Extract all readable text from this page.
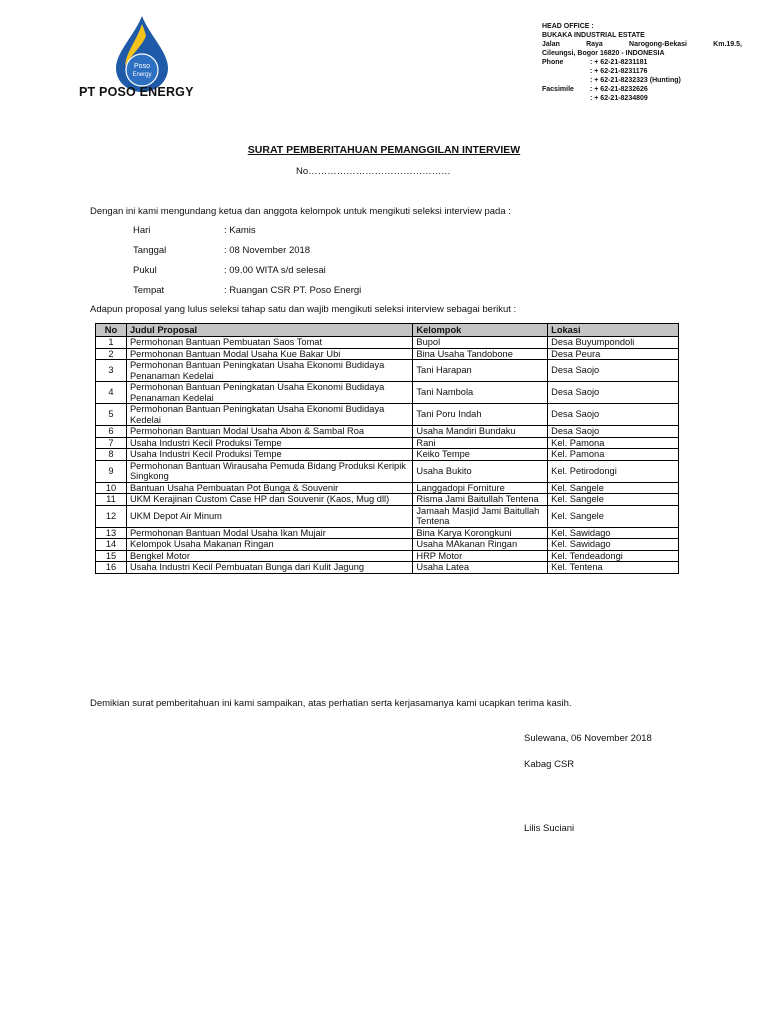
Poso
Energy
PT POSO ENERGY
HEAD OFFICE :
BUKAKA INDUSTRIAL ESTATE
Jalan	Raya	Narogong-Bekasi	Km.19.5,
Cileungsi, Bogor 16820 - INDONESIA
Phone	: + 62-21-8231181
: + 62-21-8231176
: + 62-21-8232323 (Hunting)
Facsimile	: + 62-21-8232626
: + 62-21-8234809
SURAT PEMBERITAHUAN PEMANGGILAN INTERVIEW
No………………………………………
Dengan ini kami mengundang ketua dan anggota kelompok untuk mengikuti seleksi interview pada :
Hari	: Kamis
Tanggal	: 08 November 2018
Pukul	: 09.00 WITA s/d selesai
Tempat	: Ruangan CSR PT. Poso Energi
Adapun proposal yang lulus seleksi tahap satu dan wajib mengikuti seleksi interview sebagai berikut :
No	Judul Proposal	Kelompok	Lokasi
1	Permohonan Bantuan Pembuatan Saos Tomat	Bupol	Desa Buyumpondoli
2	Permohonan Bantuan Modal Usaha Kue Bakar Ubi	Bina Usaha Tandobone	Desa Peura
3	Permohonan Bantuan Peningkatan Usaha Ekonomi Budidaya Penanaman Kedelai	Tani Harapan	Desa Saojo
4	Permohonan Bantuan Peningkatan Usaha Ekonomi Budidaya Penanaman Kedelai	Tani Nambola	Desa Saojo
5	Permohonan Bantuan Peningkatan Usaha Ekonomi Budidaya Kedelai	Tani Poru Indah	Desa Saojo
6	Permohonan Bantuan Modal Usaha Abon & Sambal Roa	Usaha Mandiri Bundaku	Desa Saojo
7	Usaha Industri Kecil Produksi Tempe	Rani	Kel. Pamona
8	Usaha Industri Kecil Produksi Tempe	Keiko Tempe	Kel. Pamona
9	Permohonan Bantuan Wirausaha Pemuda Bidang Produksi Keripik Singkong	Usaha Bukito	Kel. Petirodongi
10	Bantuan Usaha Pembuatan Pot Bunga & Souvenir	Langgadopi Forniture	Kel. Sangele
11	UKM Kerajinan Custom Case HP dan Souvenir (Kaos, Mug dll)	Risma Jami Baitullah Tentena	Kel. Sangele
12	UKM Depot Air Minum	Jamaah Masjid Jami Baitullah Tentena	Kel. Sangele
13	Permohonan Bantuan Modal Usaha Ikan Mujair	Bina Karya Korongkuni	Kel. Sawidago
14	Kelompok Usaha Makanan Ringan	Usaha MAkanan Ringan	Kel. Sawidago
15	Bengkel Motor	HRP Motor	Kel. Tendeadongi
16	Usaha Industri Kecil Pembuatan Bunga dari Kulit Jagung	Usaha Latea	Kel. Tentena
Demikian surat pemberitahuan ini kami sampaikan, atas perhatian serta kerjasamanya kami ucapkan terima kasih.
Sulewana, 06 November 2018
Kabag CSR
Lilis Suciani
